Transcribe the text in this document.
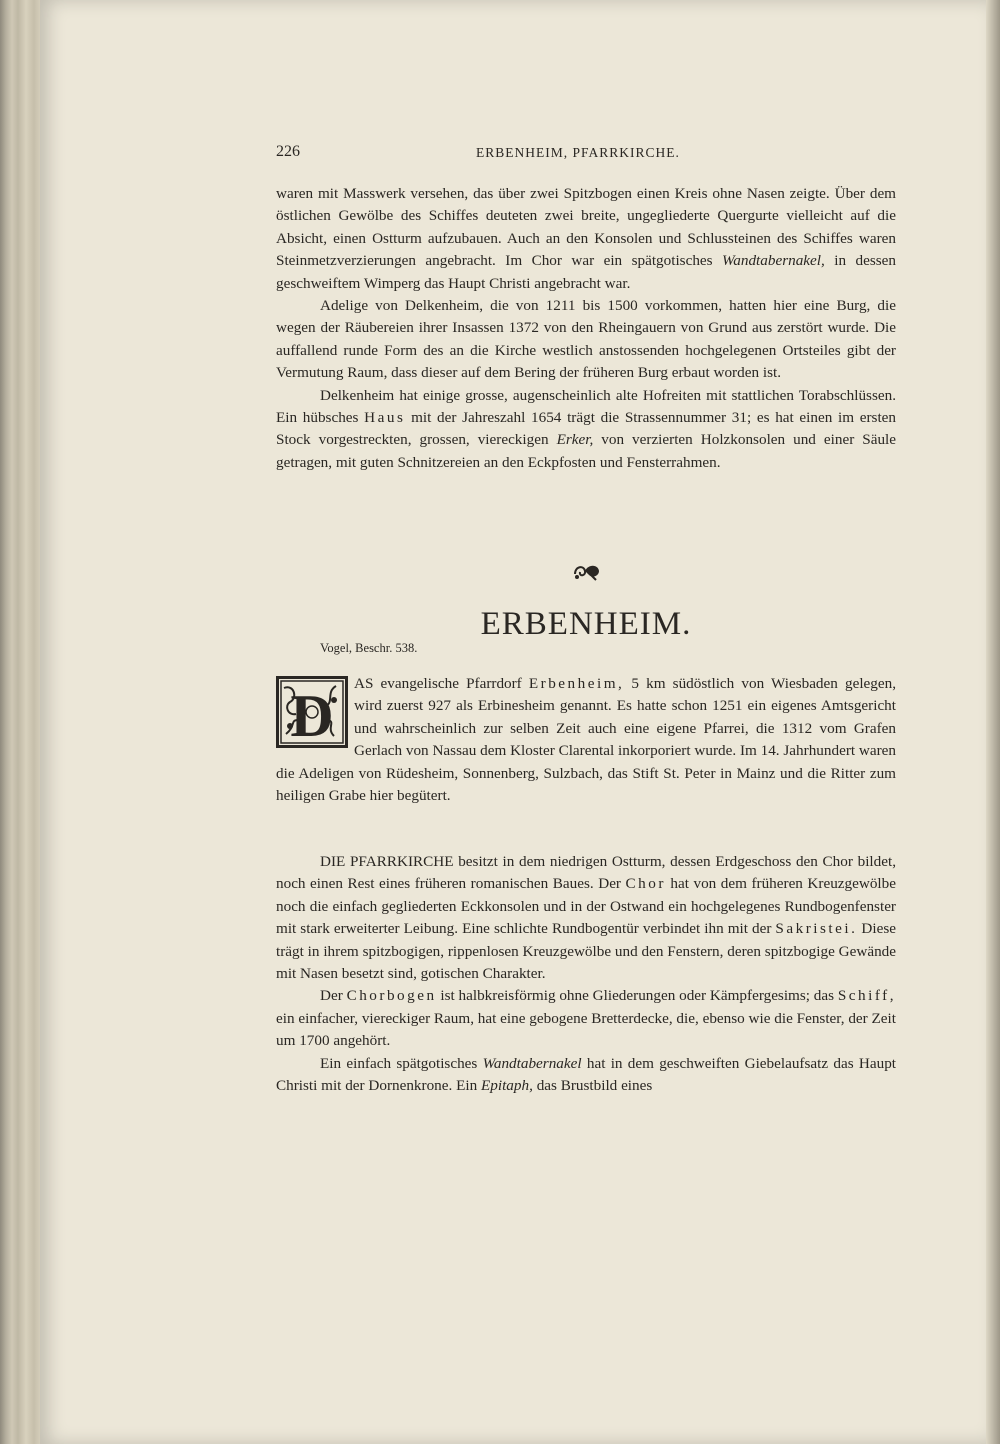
226	ERBENHEIM, PFARRKIRCHE.

waren mit Masswerk versehen, das über zwei Spitzbogen einen Kreis ohne Nasen zeigte. Über dem östlichen Gewölbe des Schiffes deuteten zwei breite, ungegliederte Quergurte vielleicht auf die Absicht, einen Ostturm aufzubauen. Auch an den Konsolen und Schlussteinen des Schiffes waren Steinmetzverzierungen angebracht. Im Chor war ein spätgotisches Wandtabernakel, in dessen geschweiftem Wimperg das Haupt Christi angebracht war.

Adelige von Delkenheim, die von 1211 bis 1500 vorkommen, hatten hier eine Burg, die wegen der Räubereien ihrer Insassen 1372 von den Rheingauern von Grund aus zerstört wurde. Die auffallend runde Form des an die Kirche westlich anstossenden hochgelegenen Ortsteiles gibt der Vermutung Raum, dass dieser auf dem Bering der früheren Burg erbaut worden ist.

Delkenheim hat einige grosse, augenscheinlich alte Hofreiten mit stattlichen Torabschlüssen. Ein hübsches Haus mit der Jahreszahl 1654 trägt die Strassennummer 31; es hat einen im ersten Stock vorgestreckten, grossen, viereckigen Erker, von verzierten Holzkonsolen und einer Säule getragen, mit guten Schnitzereien an den Eckpfosten und Fensterrahmen.

ERBENHEIM.
Vogel, Beschr. 538.
D	AS evangelische Pfarrdorf Erbenheim, 5 km südöstlich von Wiesbaden gelegen, wird zuerst 927 als Erbinesheim genannt. Es hatte schon 1251 ein eigenes Amtsgericht und wahrscheinlich zur selben Zeit auch eine eigene Pfarrei, die 1312 vom Grafen Gerlach von Nassau dem Kloster Clarental inkorporiert wurde. Im 14. Jahrhundert waren die Adeligen von Rüdesheim, Sonnenberg, Sulzbach, das Stift St. Peter in Mainz und die Ritter zum heiligen Grabe hier begütert.

DIE PFARRKIRCHE besitzt in dem niedrigen Ostturm, dessen Erdgeschoss den Chor bildet, noch einen Rest eines früheren romanischen Baues. Der Chor hat von dem früheren Kreuzgewölbe noch die einfach gegliederten Eckkonsolen und in der Ostwand ein hochgelegenes Rundbogenfenster mit stark erweiterter Leibung. Eine schlichte Rundbogentür verbindet ihn mit der Sakristei. Diese trägt in ihrem spitzbogigen, rippenlosen Kreuzgewölbe und den Fenstern, deren spitzbogige Gewände mit Nasen besetzt sind, gotischen Charakter.

Der Chorbogen ist halbkreisförmig ohne Gliederungen oder Kämpfergesims; das Schiff, ein einfacher, viereckiger Raum, hat eine gebogene Bretterdecke, die, ebenso wie die Fenster, der Zeit um 1700 angehört.

Ein einfach spätgotisches Wandtabernakel hat in dem geschweiften Giebelaufsatz das Haupt Christi mit der Dornenkrone. Ein Epitaph, das Brustbild eines
